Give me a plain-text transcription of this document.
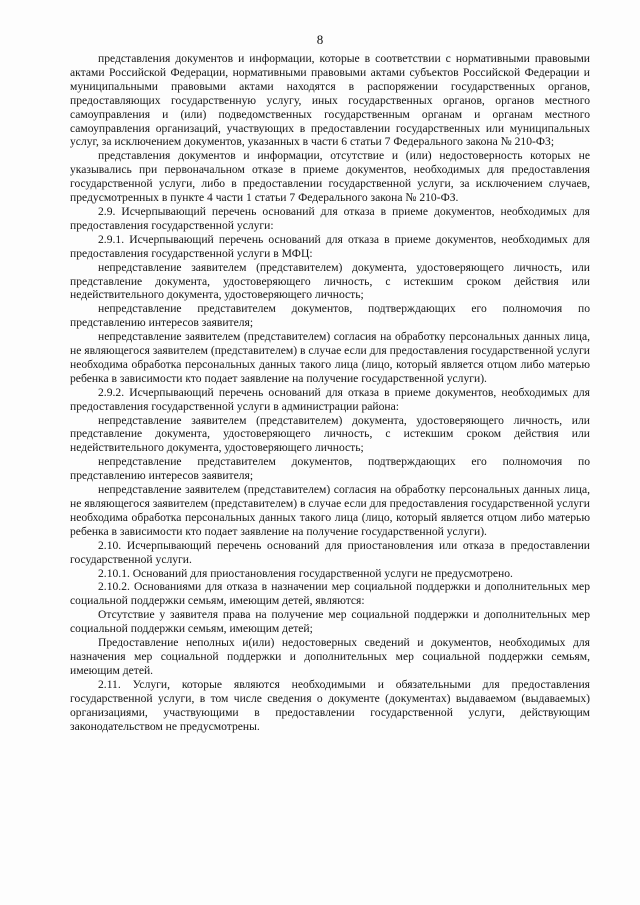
8

представления документов и информации, которые в соответствии с нормативными правовыми актами Российской Федерации, нормативными правовыми актами субъектов Российской Федерации и муниципальными правовыми актами находятся в распоряжении государственных органов, предоставляющих государственную услугу, иных государственных органов, органов местного самоуправления и (или) подведомственных государственным органам и органам местного самоуправления организаций, участвующих в предоставлении государственных или муниципальных услуг, за исключением документов, указанных в части 6 статьи 7 Федерального закона № 210-ФЗ;

представления документов и информации, отсутствие и (или) недостоверность которых не указывались при первоначальном отказе в приеме документов, необходимых для предоставления государственной услуги, либо в предоставлении государственной услуги, за исключением случаев, предусмотренных в пункте 4 части 1 статьи 7 Федерального закона № 210-ФЗ.

2.9. Исчерпывающий перечень оснований для отказа в приеме документов, необходимых для предоставления государственной услуги:

2.9.1. Исчерпывающий перечень оснований для отказа в приеме документов, необходимых для предоставления государственной услуги в МФЦ:

непредставление заявителем (представителем) документа, удостоверяющего личность, или представление документа, удостоверяющего личность, с истекшим сроком действия или недействительного документа, удостоверяющего личность;

непредставление представителем документов, подтверждающих его полномочия по представлению интересов заявителя;

непредставление заявителем (представителем) согласия на обработку персональных данных лица, не являющегося заявителем (представителем) в случае если для предоставления государственной услуги необходима обработка персональных данных такого лица (лицо, который является отцом либо матерью ребенка в зависимости кто подает заявление на получение государственной услуги).

2.9.2. Исчерпывающий перечень оснований для отказа в приеме документов, необходимых для предоставления государственной услуги в администрации района:

непредставление заявителем (представителем) документа, удостоверяющего личность, или представление документа, удостоверяющего личность, с истекшим сроком действия или недействительного документа, удостоверяющего личность;

непредставление представителем документов, подтверждающих его полномочия по представлению интересов заявителя;

непредставление заявителем (представителем) согласия на обработку персональных данных лица, не являющегося заявителем (представителем) в случае если для предоставления государственной услуги необходима обработка персональных данных такого лица (лицо, который является отцом либо матерью ребенка в зависимости кто подает заявление на получение государственной услуги).

2.10. Исчерпывающий перечень оснований для приостановления или отказа в предоставлении государственной услуги.

2.10.1. Оснований для приостановления государственной услуги не предусмотрено.

2.10.2. Основаниями для отказа в назначении мер социальной поддержки и дополнительных мер социальной поддержки семьям, имеющим детей, являются:

Отсутствие у заявителя права на получение мер социальной поддержки и дополнительных мер социальной поддержки семьям, имеющим детей;

Предоставление неполных и(или) недостоверных сведений и документов, необходимых для назначения мер социальной поддержки и дополнительных мер социальной поддержки семьям, имеющим детей.

2.11. Услуги, которые являются необходимыми и обязательными для предоставления государственной услуги, в том числе сведения о документе (документах) выдаваемом (выдаваемых) организациями, участвующими в предоставлении государственной услуги, действующим законодательством не предусмотрены.
